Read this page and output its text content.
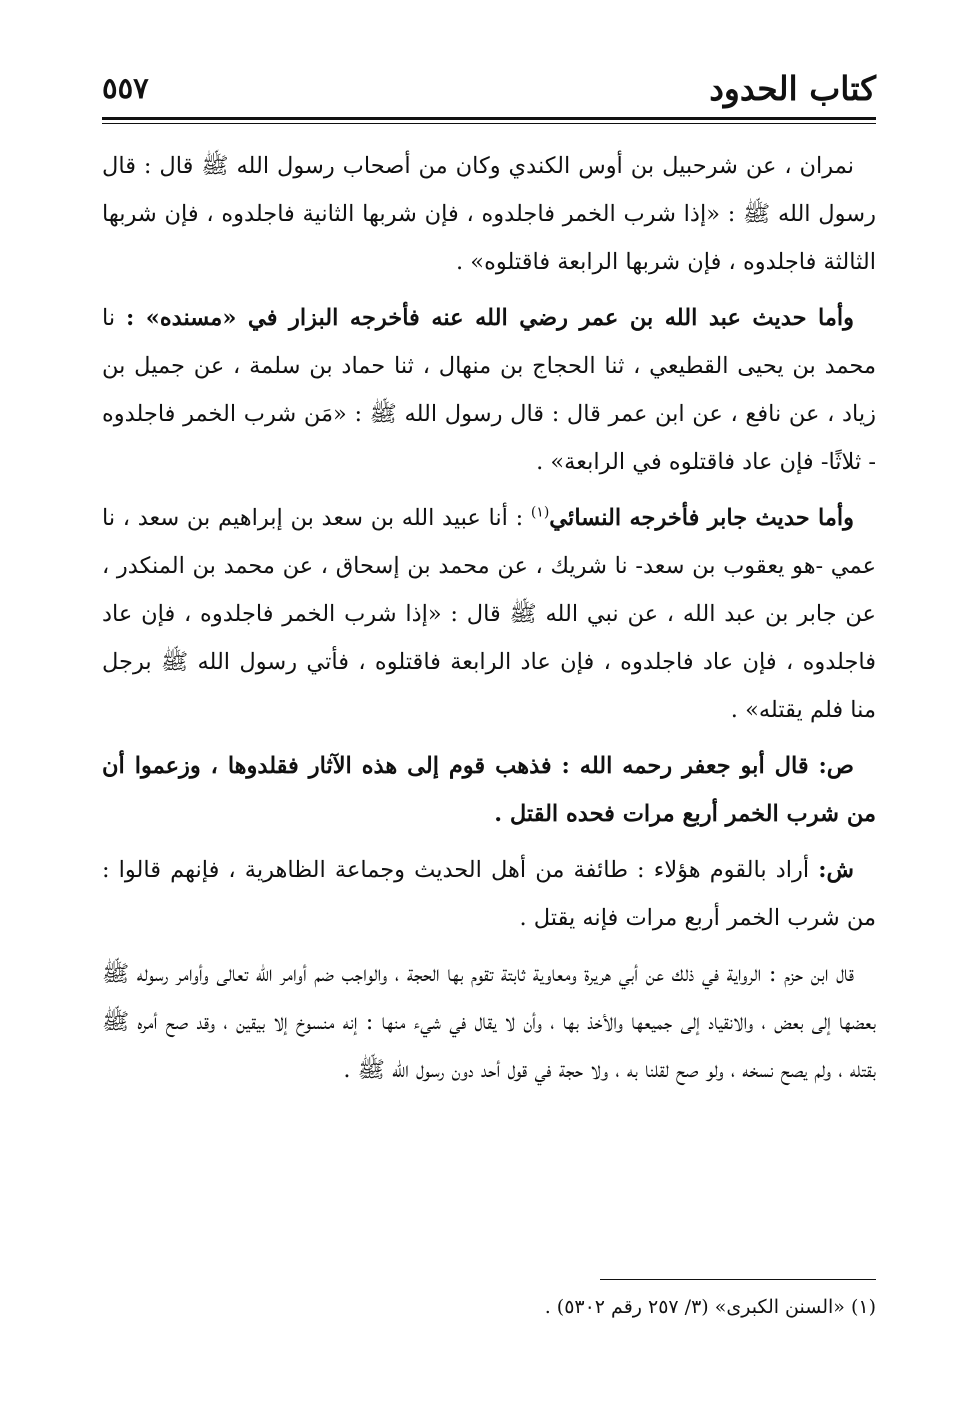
كتاب الحدود
٥٥٧

نمران ، عن شرحبيل بن أوس الكندي وكان من أصحاب رسول الله ﷺ قال : قال رسول الله ﷺ : «إذا شرب الخمر فاجلدوه ، فإن شربها الثانية فاجلدوه ، فإن شربها الثالثة فاجلدوه ، فإن شربها الرابعة فاقتلوه» .

وأما حديث عبد الله بن عمر رضي الله عنه فأخرجه البزار في «مسنده» : نا محمد بن يحيى القطيعي ، ثنا الحجاج بن منهال ، ثنا حماد بن سلمة ، عن جميل بن زياد ، عن نافع ، عن ابن عمر قال : قال رسول الله ﷺ : «مَن شرب الخمر فاجلدوه - ثلاثًا- فإن عاد فاقتلوه في الرابعة» .

وأما حديث جابر فأخرجه النسائي$^{(١)}$ : أنا عبيد الله بن سعد بن إبراهيم بن سعد ، نا عمي -هو يعقوب بن سعد- نا شريك ، عن محمد بن إسحاق ، عن محمد بن المنكدر ، عن جابر بن عبد الله ، عن نبي الله ﷺ قال : «إذا شرب الخمر فاجلدوه ، فإن عاد فاجلدوه ، فإن عاد فاجلدوه ، فإن عاد الرابعة فاقتلوه ، فأتي رسول الله ﷺ برجل منا فلم يقتله» .

ص: قال أبو جعفر رحمه الله : فذهب قوم إلى هذه الآثار فقلدوها ، وزعموا أن من شرب الخمر أربع مرات فحده القتل .

ش: أراد بالقوم هؤلاء : طائفة من أهل الحديث وجماعة الظاهرية ، فإنهم قالوا : من شرب الخمر أربع مرات فإنه يقتل .

قال ابن حزم : الرواية في ذلك عن أبي هريرة ومعاوية ثابتة تقوم بها الحجة ، والواجب ضم أوامر الله تعالى وأوامر رسوله ﷺ بعضها إلى بعض ، والانقياد إلى جميعها والأخذ بها ، وأن لا يقال في شيء منها : إنه منسوخ إلا بيقين ، وقد صح أمره ﷺ بقتله ، ولم يصح نسخه ، ولو صح لقلنا به ، ولا حجة في قول أحد دون رسول الله ﷺ .

(١) «السنن الكبرى» (٣/ ٢٥٧ رقم ٥٣٠٢) .
